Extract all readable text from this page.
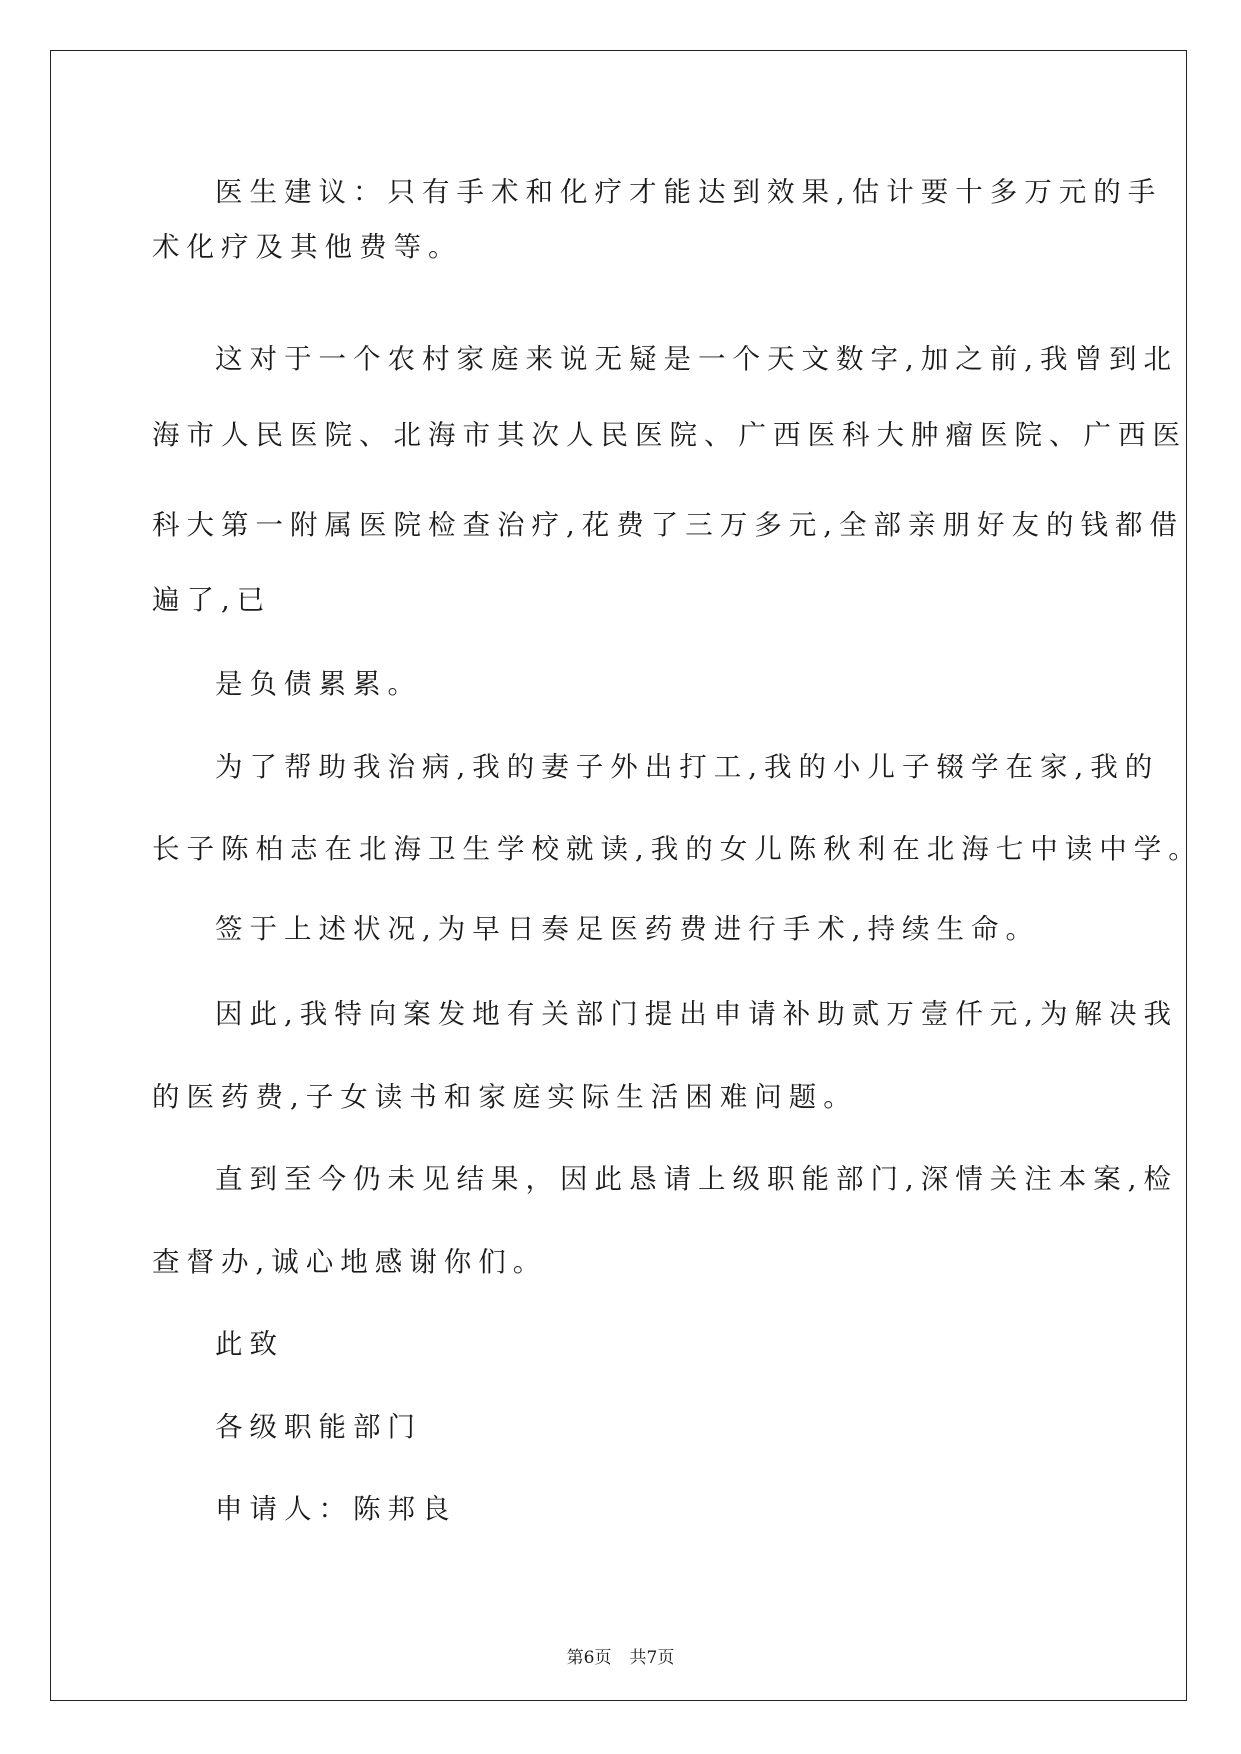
医生建议：只有手术和化疗才能达到效果,估计要十多万元的手
术化疗及其他费等。
这对于一个农村家庭来说无疑是一个天文数字,加之前,我曾到北
海市人民医院、北海市其次人民医院、广西医科大肿瘤医院、广西医
科大第一附属医院检查治疗,花费了三万多元,全部亲朋好友的钱都借
遍了,已
是负债累累。
为了帮助我治病,我的妻子外出打工,我的小儿子辍学在家,我的
长子陈柏志在北海卫生学校就读,我的女儿陈秋利在北海七中读中学。
签于上述状况,为早日奏足医药费进行手术,持续生命。
因此,我特向案发地有关部门提出申请补助贰万壹仟元,为解决我
的医药费,子女读书和家庭实际生活困难问题。
直到至今仍未见结果，因此恳请上级职能部门,深情关注本案,检
查督办,诚心地感谢你们。
此致
各级职能部门
申请人：陈邦良
第6页 共7页
